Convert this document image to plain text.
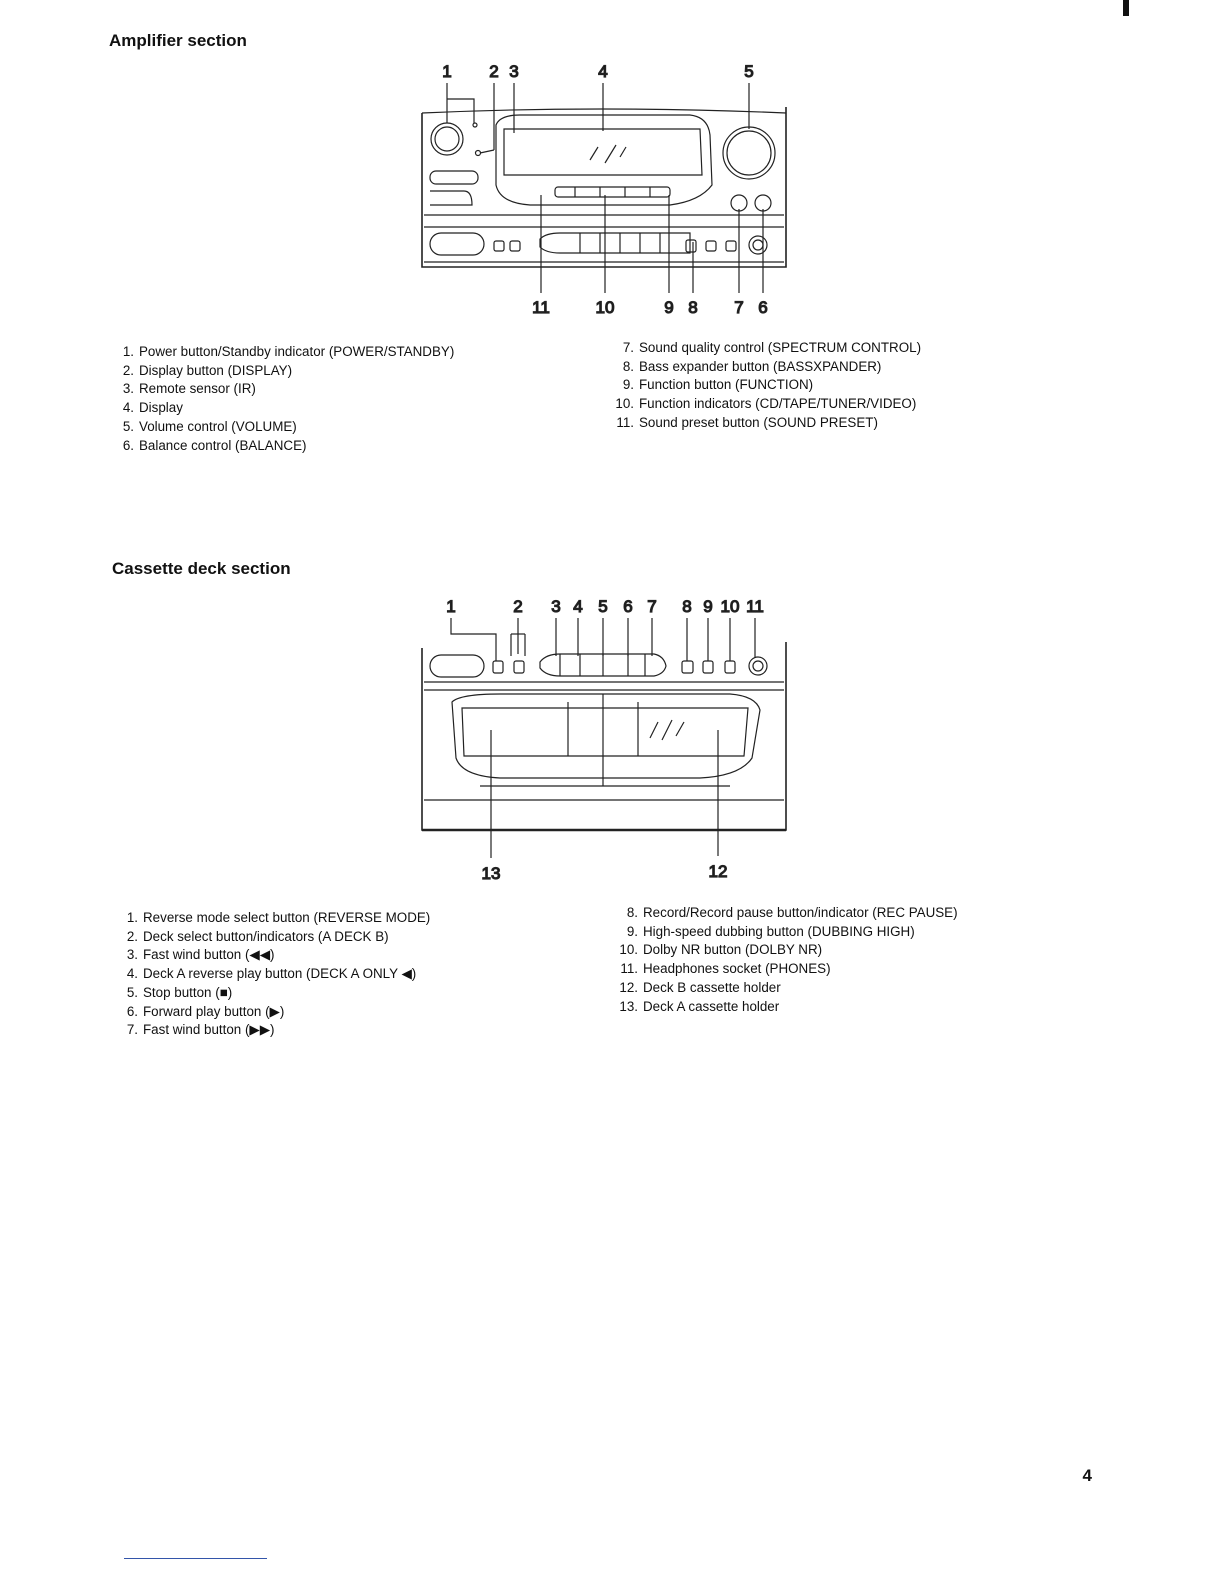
Amplifier section
1 2 3	4	5
11	10	9 8 7 6
1. Power button/Standby indicator (POWER/STANDBY)
2. Display button (DISPLAY)
3. Remote sensor (IR)
4. Display
5. Volume control (VOLUME)
6. Balance control (BALANCE)
7. Sound quality control (SPECTRUM CONTROL)
8. Bass expander button (BASSXPANDER)
9. Function button (FUNCTION)
10. Function indicators (CD/TAPE/TUNER/VIDEO)
11. Sound preset button (SOUND PRESET)
Cassette deck section
1	2 3 4 5 6 7 8 9 10 11
13	12
1. Reverse mode select button (REVERSE MODE)
2. Deck select button/indicators (A DECK B)
3. Fast wind button (◀◀)
4. Deck A reverse play button (DECK A ONLY ◀)
5. Stop button (■)
6. Forward play button (▶)
7. Fast wind button (▶▶)
8. Record/Record pause button/indicator (REC PAUSE)
9. High-speed dubbing button (DUBBING HIGH)
10. Dolby NR button (DOLBY NR)
11. Headphones socket (PHONES)
12. Deck B cassette holder
13. Deck A cassette holder
4
